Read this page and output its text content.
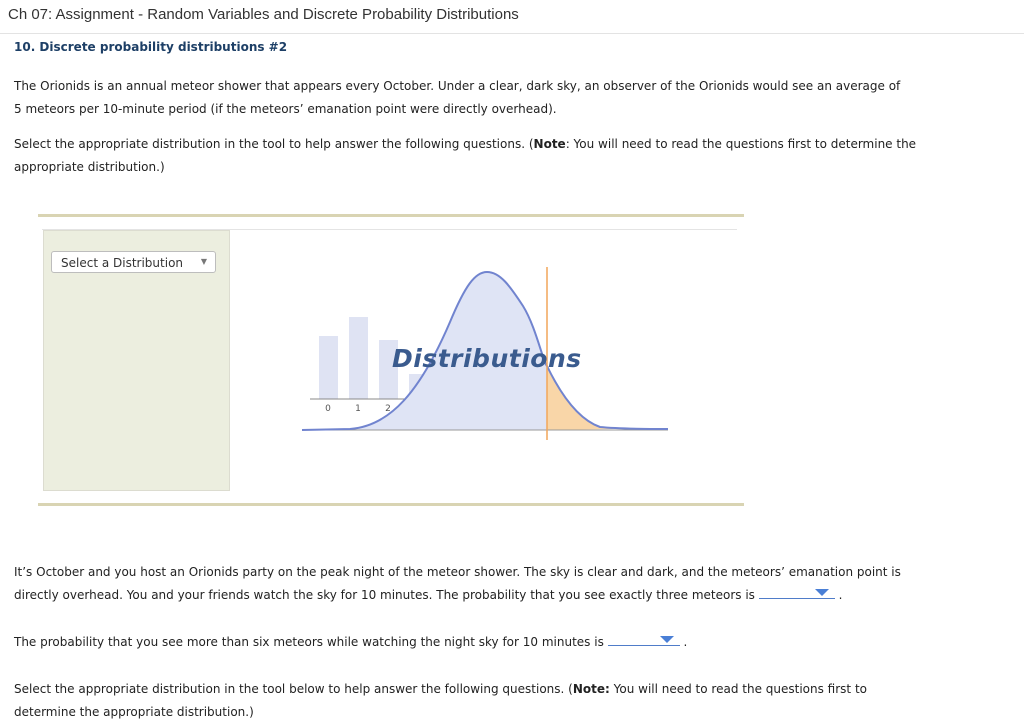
Ch 07: Assignment - Random Variables and Discrete Probability Distributions
10. Discrete probability distributions #2
The Orionids is an annual meteor shower that appears every October. Under a clear, dark sky, an observer of the Orionids would see an average of
5 meteors per 10-minute period (if the meteors’ emanation point were directly overhead).
Select the appropriate distribution in the tool to help answer the following questions. (Note: You will need to read the questions first to determine the
appropriate distribution.)
Select a Distribution ▼
0	1	2
Distributions
It’s October and you host an Orionids party on the peak night of the meteor shower. The sky is clear and dark, and the meteors’ emanation point is
directly overhead. You and your friends watch the sky for 10 minutes. The probability that you see exactly three meteors is	.
The probability that you see more than six meteors while watching the night sky for 10 minutes is	.
Select the appropriate distribution in the tool below to help answer the following questions. (Note: You will need to read the questions first to
determine the appropriate distribution.)
